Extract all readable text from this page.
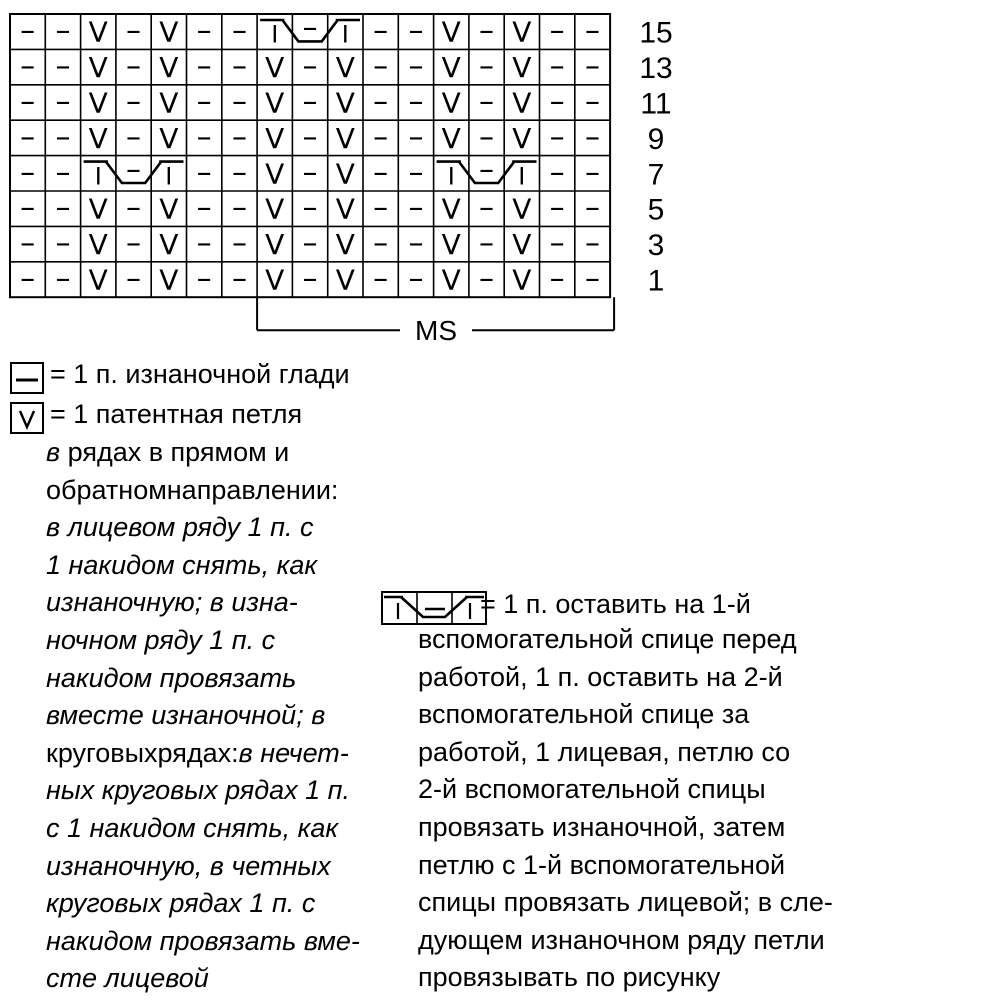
– – V – V – – I – I – – V – V – – 15
– – V – V – – V – V – – V – V – – 13
– – V – V – – V – V – – V – V – – 11
– – V – V – – V – V – – V – V – – 9
– – I – I – – V – V – – I – I – – 7
– – V – V – – V – V – – V – V – – 5
– – V – V – – V – V – – V – V – – 3
– – V – V – – V – V – – V – V – – 1
MS
= 1 п. изнаночной глади
= 1 патентная петля
в рядах в прямом и
обратномнаправлении:
в лицевом ряду 1 п. с
1 накидом снять, как
изнаночную; в изна-
ночном ряду 1 п. с
накидом провязать
вместе изнаночной; в
круговыхрядах:в нечет-
ных круговых рядах 1 п.
с 1 накидом снять, как
изнаночную, в четных
круговых рядах 1 п. с
накидом провязать вме-
сте лицевой
= 1 п. оставить на 1-й
вспомогательной спице перед
работой, 1 п. оставить на 2-й
вспомогательной спице за
работой, 1 лицевая, петлю со
2-й вспомогательной спицы
провязать изнаночной, затем
петлю с 1-й вспомогательной
спицы провязать лицевой; в сле-
дующем изнаночном ряду петли
провязывать по рисунку
